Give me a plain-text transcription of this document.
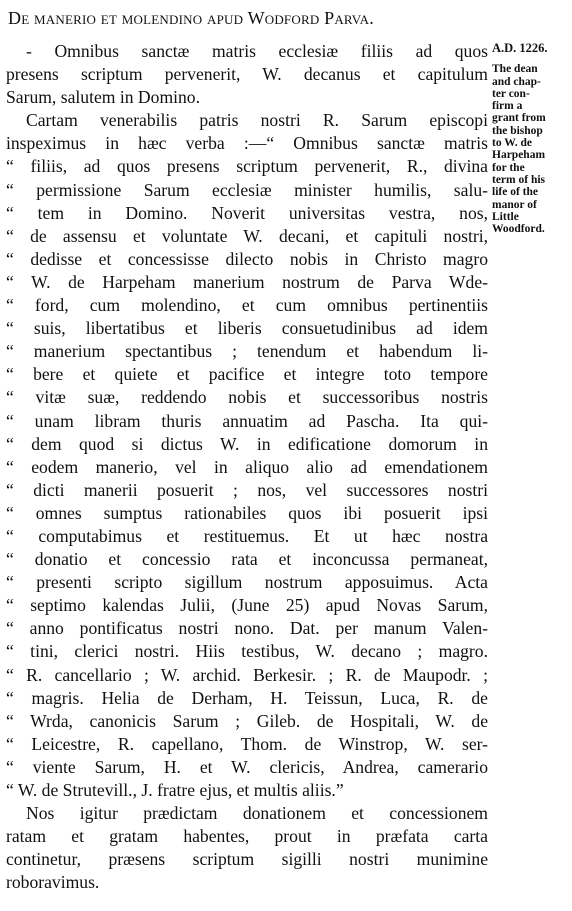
De manerio et molendino apud Wodford Parva.
- Omnibus sanctæ matris ecclesiæ filiis ad quos
presens scriptum pervenerit, W. decanus et capitulum
Sarum, salutem in Domino.
Cartam venerabilis patris nostri R. Sarum episcopi
inspeximus in hæc verba :—“ Omnibus sanctæ matris
“ filiis, ad quos presens scriptum pervenerit, R., divina
“ permissione Sarum ecclesiæ minister humilis, salu-
“ tem in Domino. Noverit universitas vestra, nos,
“ de assensu et voluntate W. decani, et capituli nostri,
“ dedisse et concessisse dilecto nobis in Christo magro
“ W. de Harpeham manerium nostrum de Parva Wde-
“ ford, cum molendino, et cum omnibus pertinentiis
“ suis, libertatibus et liberis consuetudinibus ad idem
“ manerium spectantibus ; tenendum et habendum li-
“ bere et quiete et pacifice et integre toto tempore
“ vitæ suæ, reddendo nobis et successoribus nostris
“ unam libram thuris annuatim ad Pascha. Ita qui-
“ dem quod si dictus W. in edificatione domorum in
“ eodem manerio, vel in aliquo alio ad emendationem
“ dicti manerii posuerit ; nos, vel successores nostri
“ omnes sumptus rationabiles quos ibi posuerit ipsi
“ computabimus et restituemus. Et ut hæc nostra
“ donatio et concessio rata et inconcussa permaneat,
“ presenti scripto sigillum nostrum apposuimus. Acta
“ septimo kalendas Julii, (June 25) apud Novas Sarum,
“ anno pontificatus nostri nono. Dat. per manum Valen-
“ tini, clerici nostri. Hiis testibus, W. decano ; magro.
“ R. cancellario ; W. archid. Berkesir. ; R. de Maupodr. ;
“ magris. Helia de Derham, H. Teissun, Luca, R. de
“ Wrda, canonicis Sarum ; Gileb. de Hospitali, W. de
“ Leicestre, R. capellano, Thom. de Winstrop, W. ser-
“ viente Sarum, H. et W. clericis, Andrea, camerario
“ W. de Strutevill., J. fratre ejus, et multis aliis.”
Nos igitur prædictam donationem et concessionem
ratam et gratam habentes, prout in præfata carta
continetur, præsens scriptum sigilli nostri munimine
roboravimus.
A.D. 1226.
The dean
and chap-
ter con-
firm a
grant from
the bishop
to W. de
Harpeham
for the
term of his
life of the
manor of
Little
Woodford.
